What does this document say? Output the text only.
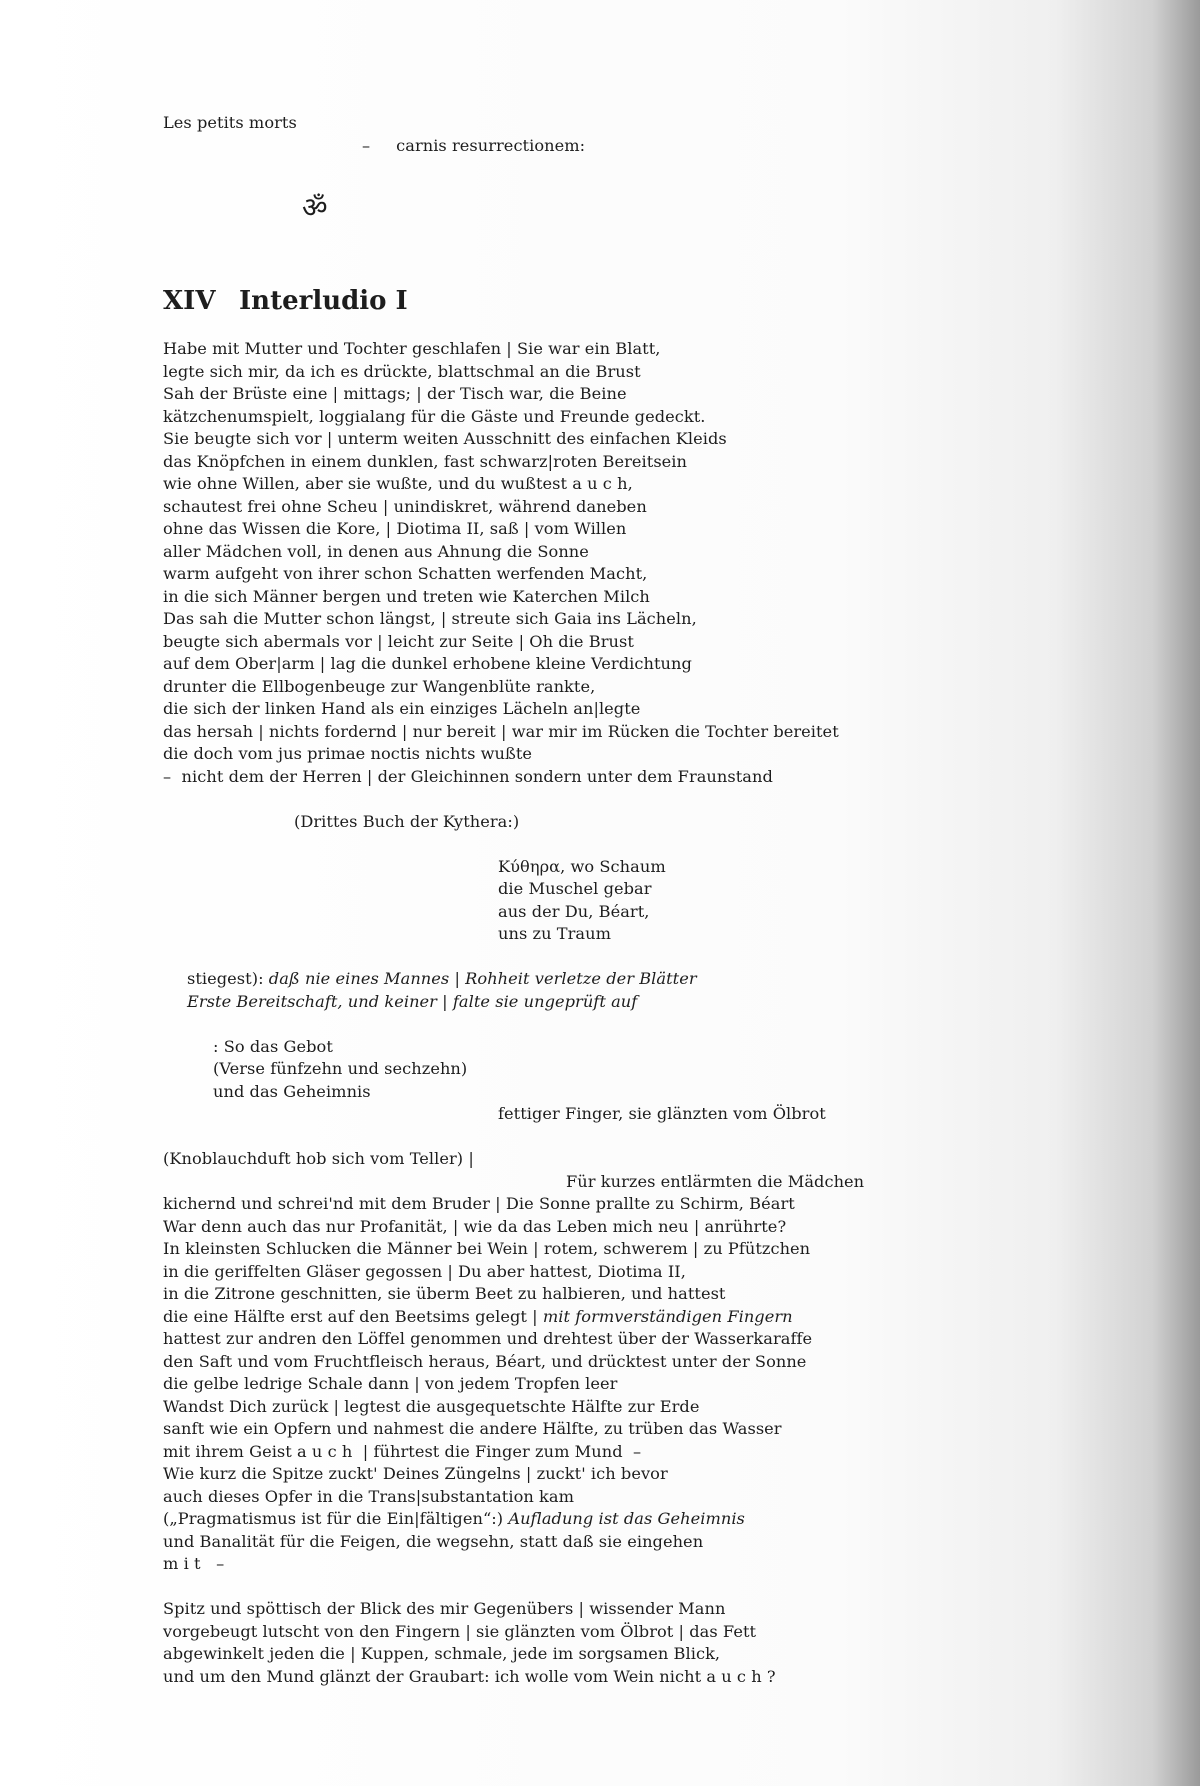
Les petits morts
–     carnis resurrectionem:
ॐ
XIV Interludio I
Habe mit Mutter und Tochter geschlafen | Sie war ein Blatt,
legte sich mir, da ich es drückte, blattschmal an die Brust
Sah der Brüste eine | mittags; | der Tisch war, die Beine
kätzchenumspielt, loggialang für die Gäste und Freunde gedeckt.
Sie beugte sich vor | unterm weiten Ausschnitt des einfachen Kleids
das Knöpfchen in einem dunklen, fast schwarz|roten Bereitsein
wie ohne Willen, aber sie wußte, und du wußtest a u c h,
schautest frei ohne Scheu | unindiskret, während daneben
ohne das Wissen die Kore, | Diotima II, saß | vom Willen
aller Mädchen voll, in denen aus Ahnung die Sonne
warm aufgeht von ihrer schon Schatten werfenden Macht,
in die sich Männer bergen und treten wie Katerchen Milch
Das sah die Mutter schon längst, | streute sich Gaia ins Lächeln,
beugte sich abermals vor | leicht zur Seite | Oh die Brust
auf dem Ober|arm | lag die dunkel erhobene kleine Verdichtung
drunter die Ellbogenbeuge zur Wangenblüte rankte,
die sich der linken Hand als ein einziges Lächeln an|legte
das hersah | nichts fordernd | nur bereit | war mir im Rücken die Tochter bereitet
die doch vom jus primae noctis nichts wußte
–  nicht dem der Herren | der Gleichinnen sondern unter dem Fraunstand
(Drittes Buch der Kythera:)
Κύθηρα, wo Schaum
die Muschel gebar
aus der Du, Béart,
uns zu Traum
stiegest): daß nie eines Mannes | Rohheit verletze der Blätter
Erste Bereitschaft, und keiner | falte sie ungeprüft auf
: So das Gebot
(Verse fünfzehn und sechzehn)
und das Geheimnis
fettiger Finger, sie glänzten vom Ölbrot
(Knoblauchduft hob sich vom Teller) |
Für kurzes entlärmten die Mädchen
kichernd und schrei'nd mit dem Bruder | Die Sonne prallte zu Schirm, Béart
War denn auch das nur Profanität, | wie da das Leben mich neu | anrührte?
In kleinsten Schlucken die Männer bei Wein | rotem, schwerem | zu Pfützchen
in die geriffelten Gläser gegossen | Du aber hattest, Diotima II,
in die Zitrone geschnitten, sie überm Beet zu halbieren, und hattest
die eine Hälfte erst auf den Beetsims gelegt | mit formverständigen Fingern
hattest zur andren den Löffel genommen und drehtest über der Wasserkaraffe
den Saft und vom Fruchtfleisch heraus, Béart, und drücktest unter der Sonne
die gelbe ledrige Schale dann | von jedem Tropfen leer
Wandst Dich zurück | legtest die ausgequetschte Hälfte zur Erde
sanft wie ein Opfern und nahmest die andere Hälfte, zu trüben das Wasser
mit ihrem Geist a u c h  | führtest die Finger zum Mund  –
Wie kurz die Spitze zuckt' Deines Züngelns | zuckt' ich bevor
auch dieses Opfer in die Trans|substantation kam
(„Pragmatismus ist für die Ein|fältigen“:) Aufladung ist das Geheimnis
und Banalität für die Feigen, die wegsehn, statt daß sie eingehen
m i t   –
Spitz und spöttisch der Blick des mir Gegenübers | wissender Mann
vorgebeugt lutscht von den Fingern | sie glänzten vom Ölbrot | das Fett
abgewinkelt jeden die | Kuppen, schmale, jede im sorgsamen Blick,
und um den Mund glänzt der Graubart: ich wolle vom Wein nicht a u c h ?
